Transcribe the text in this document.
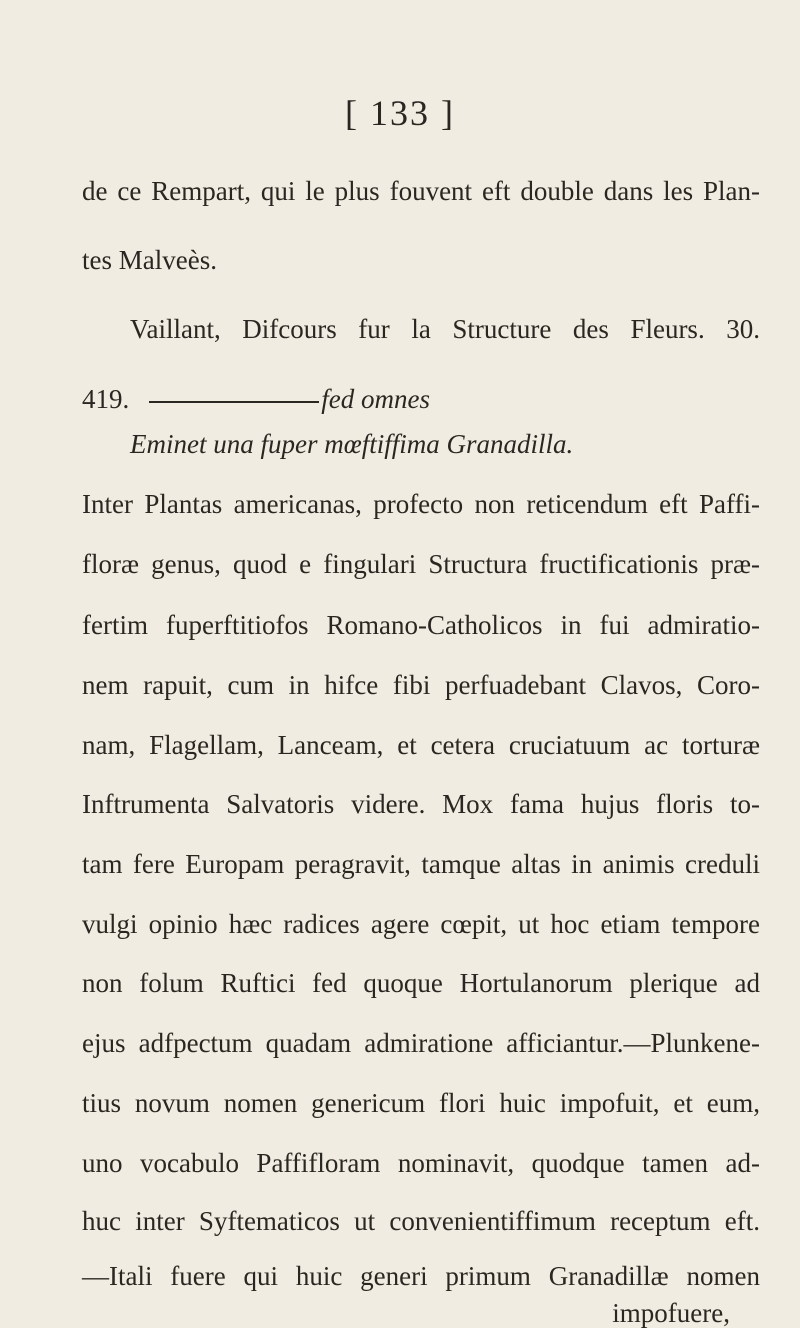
[ 133 ]
de ce Rempart, qui le plus fouvent eft double dans les Plan-
tes Malveès.
Vaillant, Difcours fur la Structure des Fleurs. 30.
419.	fed omnes
Eminet una fuper mœftiffima Granadilla.
Inter Plantas americanas, profecto non reticendum eft Paffi-
floræ genus, quod e fingulari Structura fructificationis præ-
fertim fuperftitiofos Romano-Catholicos in fui admiratio-
nem rapuit, cum in hifce fibi perfuadebant Clavos, Coro-
nam, Flagellam, Lanceam, et cetera cruciatuum ac torturæ
Inftrumenta Salvatoris videre. Mox fama hujus floris to-
tam fere Europam peragravit, tamque altas in animis creduli
vulgi opinio hæc radices agere cœpit, ut hoc etiam tempore
non folum Ruftici fed quoque Hortulanorum plerique ad
ejus adfpectum quadam admiratione afficiantur.—Plunkene-
tius novum nomen genericum flori huic impofuit, et eum,
uno vocabulo Paffifloram nominavit, quodque tamen ad-
huc inter Syftematicos ut convenientiffimum receptum eft.
—Itali fuere qui huic generi primum Granadillæ nomen
impofuere,
